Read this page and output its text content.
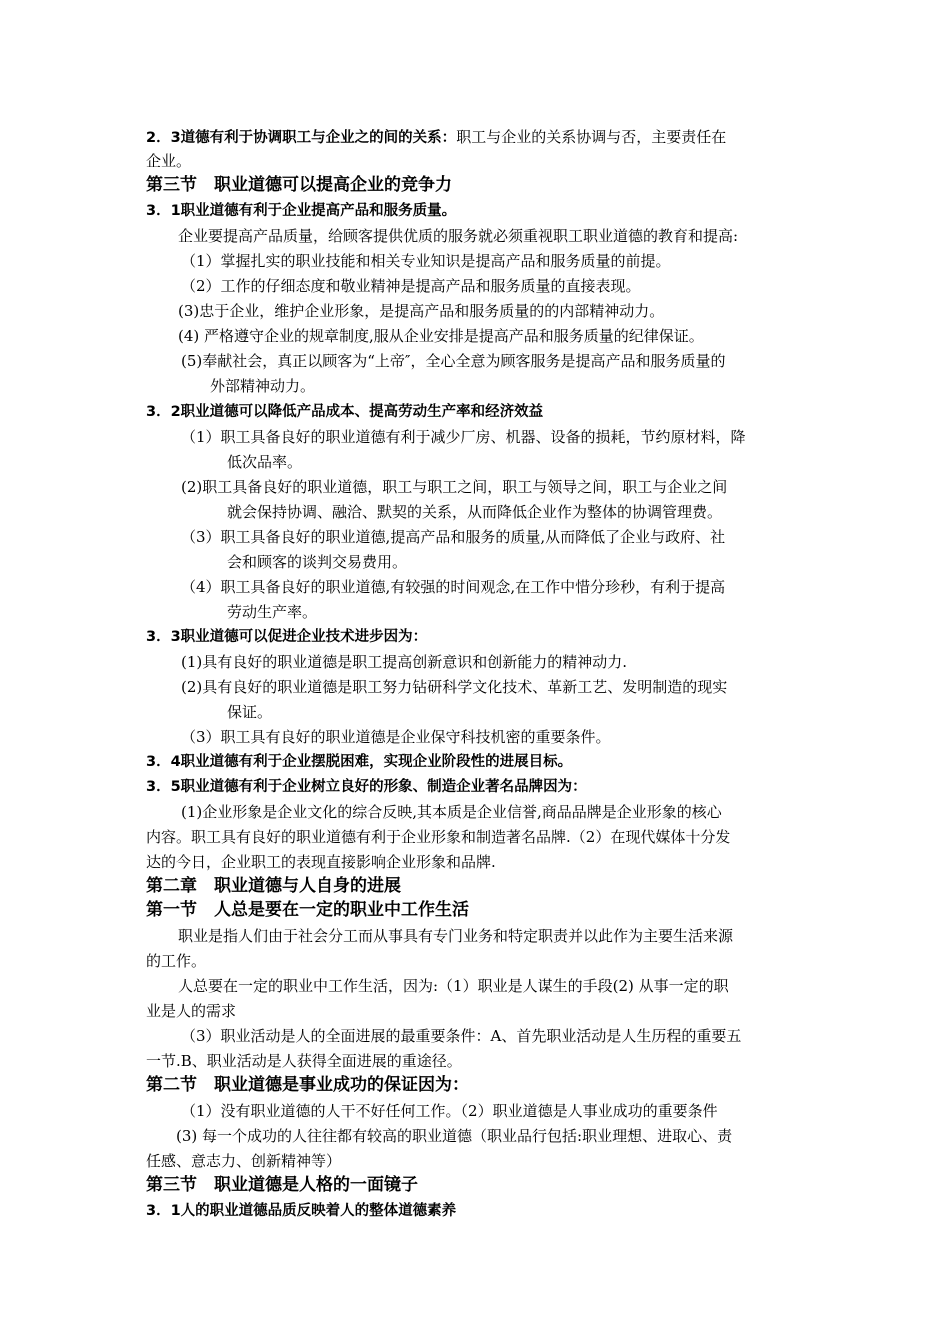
2．3道德有利于协调职工与企业之的间的关系：职工与企业的关系协调与否，主要责任在
企业。
第三节　职业道德可以提高企业的竞争力
3．1职业道德有利于企业提高产品和服务质量。
企业要提高产品质量，给顾客提供优质的服务就必须重视职工职业道德的教育和提高:
（1）掌握扎实的职业技能和相关专业知识是提高产品和服务质量的前提。
（2）工作的仔细态度和敬业精神是提高产品和服务质量的直接表现。
(3)忠于企业，维护企业形象，是提高产品和服务质量的的内部精神动力。
(4) 严格遵守企业的规章制度,服从企业安排是提高产品和服务质量的纪律保证。
(5)奉献社会，真正以顾客为“上帝″，全心全意为顾客服务是提高产品和服务质量的
外部精神动力。
3．2职业道德可以降低产品成本、提高劳动生产率和经济效益
（1）职工具备良好的职业道德有利于减少厂房、机器、设备的损耗，节约原材料，降
低次品率。
(2)职工具备良好的职业道德，职工与职工之间，职工与领导之间，职工与企业之间
就会保持协调、融洽、默契的关系，从而降低企业作为整体的协调管理费。
（3）职工具备良好的职业道德,提高产品和服务的质量,从而降低了企业与政府、社
会和顾客的谈判交易费用。
（4）职工具备良好的职业道德,有较强的时间观念,在工作中惜分珍秒，有利于提高
劳动生产率。
3．3职业道德可以促进企业技术进步因为：
(1)具有良好的职业道德是职工提高创新意识和创新能力的精神动力.
(2)具有良好的职业道德是职工努力钻研科学文化技术、革新工艺、发明制造的现实
保证。
（3）职工具有良好的职业道德是企业保守科技机密的重要条件。
3．4职业道德有利于企业摆脱困难，实现企业阶段性的进展目标。
3．5职业道德有利于企业树立良好的形象、制造企业著名品牌因为：
(1)企业形象是企业文化的综合反映,其本质是企业信誉,商品品牌是企业形象的核心
内容。职工具有良好的职业道德有利于企业形象和制造著名品牌.（2）在现代媒体十分发
达的今日，企业职工的表现直接影响企业形象和品牌.
第二章　职业道德与人自身的进展
第一节　人总是要在一定的职业中工作生活
职业是指人们由于社会分工而从事具有专门业务和特定职责并以此作为主要生活来源
的工作。
人总要在一定的职业中工作生活，因为:（1）职业是人谋生的手段(2) 从事一定的职
业是人的需求
（3）职业活动是人的全面进展的最重要条件：A、首先职业活动是人生历程的重要五
一节.B、职业活动是人获得全面进展的重途径。
第二节　职业道德是事业成功的保证因为：
（1）没有职业道德的人干不好任何工作。（2）职业道德是人事业成功的重要条件
(3) 每一个成功的人往往都有较高的职业道德（职业品行包括:职业理想、进取心、责
任感、意志力、创新精神等）
第三节　职业道德是人格的一面镜子
3．1人的职业道德品质反映着人的整体道德素养
